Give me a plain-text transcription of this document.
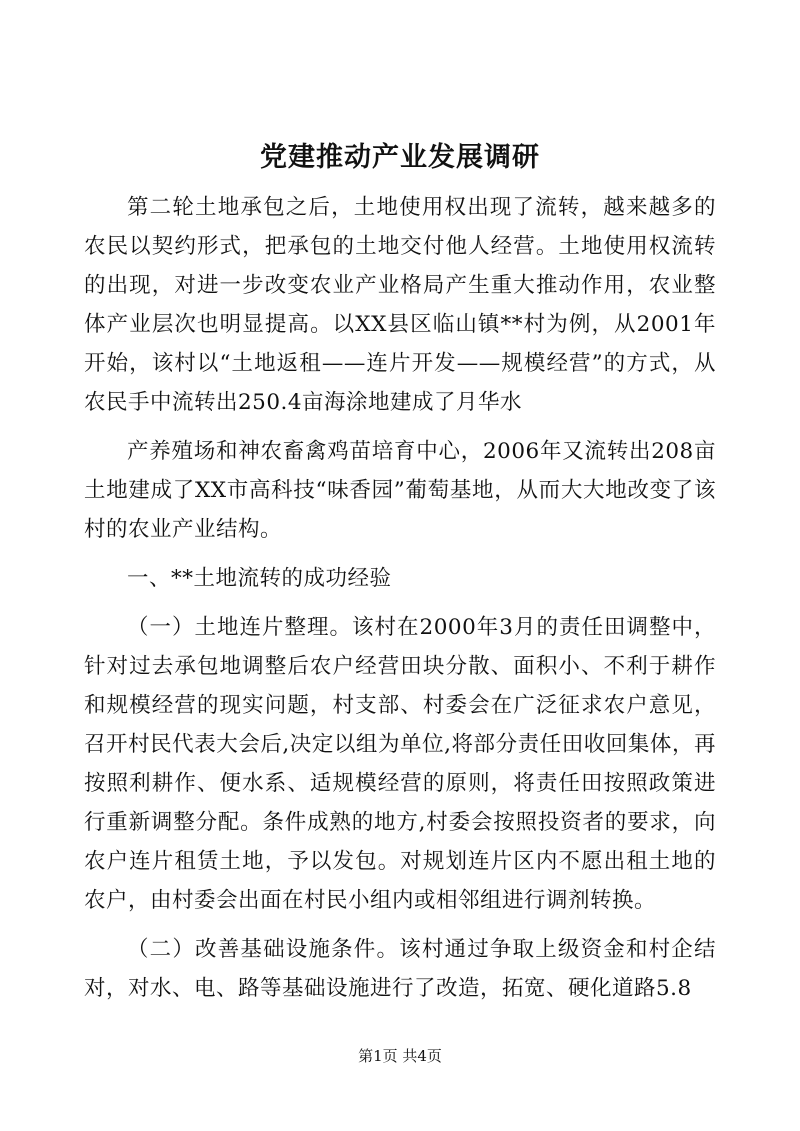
党建推动产业发展调研

第二轮土地承包之后，土地使用权出现了流转，越来越多的农民以契约形式，把承包的土地交付他人经营。土地使用权流转的出现，对进一步改变农业产业格局产生重大推动作用，农业整体产业层次也明显提高。以XX县区临山镇**村为例，从2001年开始，该村以“土地返租——连片开发——规模经营”的方式，从农民手中流转出250.4亩海涂地建成了月华水

产养殖场和神农畜禽鸡苗培育中心，2006年又流转出208亩土地建成了XX市高科技“味香园”葡萄基地，从而大大地改变了该村的农业产业结构。

一、**土地流转的成功经验

（一）土地连片整理。该村在2000年3月的责任田调整中，针对过去承包地调整后农户经营田块分散、面积小、不利于耕作和规模经营的现实问题，村支部、村委会在广泛征求农户意见，召开村民代表大会后,决定以组为单位,将部分责任田收回集体，再按照利耕作、便水系、适规模经营的原则，将责任田按照政策进行重新调整分配。条件成熟的地方,村委会按照投资者的要求，向农户连片租赁土地，予以发包。对规划连片区内不愿出租土地的农户，由村委会出面在村民小组内或相邻组进行调剂转换。

（二）改善基础设施条件。该村通过争取上级资金和村企结对，对水、电、路等基础设施进行了改造，拓宽、硬化道路5.8

第1页 共4页
